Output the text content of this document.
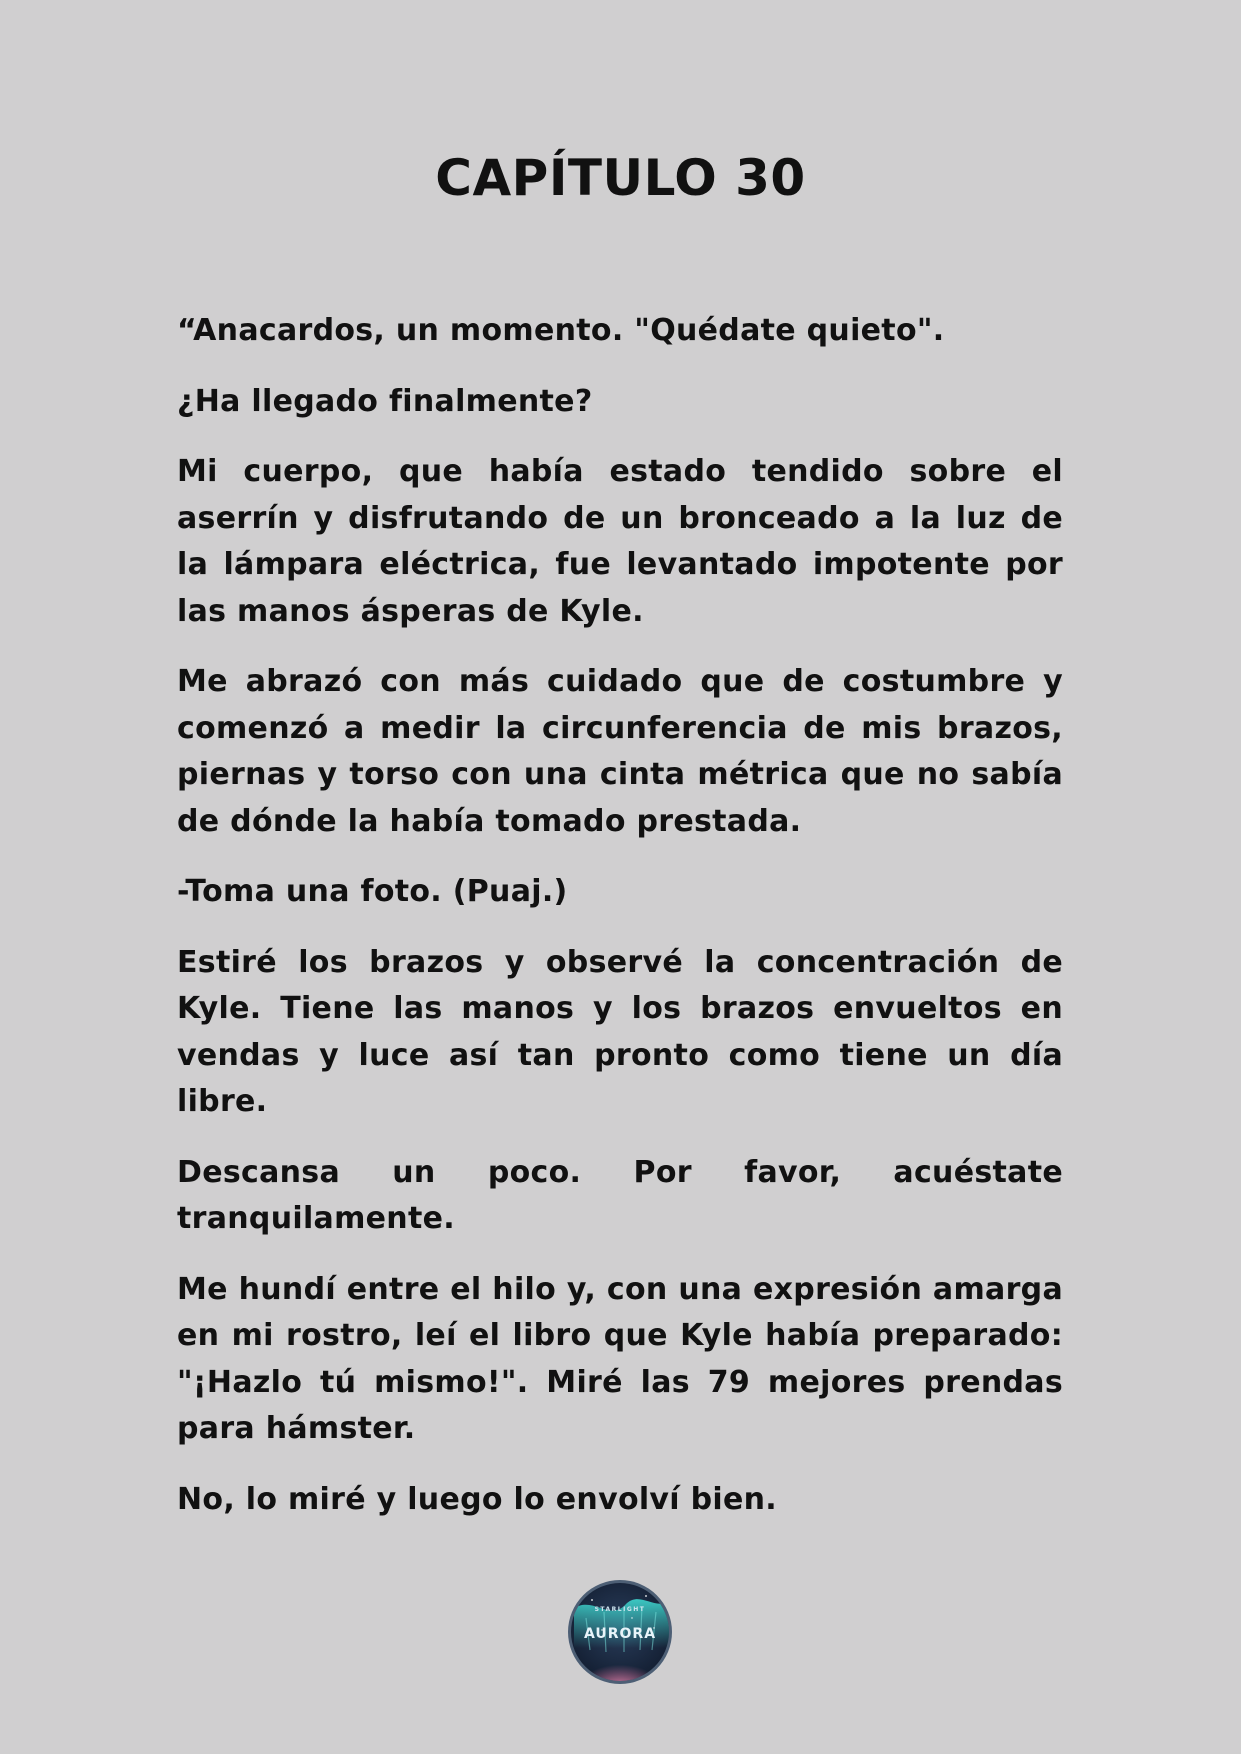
CAPÍTULO 30

“Anacardos, un momento. "Quédate quieto".

¿Ha llegado finalmente?

Mi cuerpo, que había estado tendido sobre el aserrín y disfrutando de un bronceado a la luz de la lámpara eléctrica, fue levantado impotente por las manos ásperas de Kyle.

Me abrazó con más cuidado que de costumbre y comenzó a medir la circunferencia de mis brazos, piernas y torso con una cinta métrica que no sabía de dónde la había tomado prestada.

-Toma una foto. (Puaj.)

Estiré los brazos y observé la concentración de Kyle. Tiene las manos y los brazos envueltos en vendas y luce así tan pronto como tiene un día libre.

Descansa un poco. Por favor, acuéstate tranquilamente.

Me hundí entre el hilo y, con una expresión amarga en mi rostro, leí el libro que Kyle había preparado: "¡Hazlo tú mismo!". Miré las 79 mejores prendas para hámster.

No, lo miré y luego lo envolví bien.

STARLIGHT
AURORA
